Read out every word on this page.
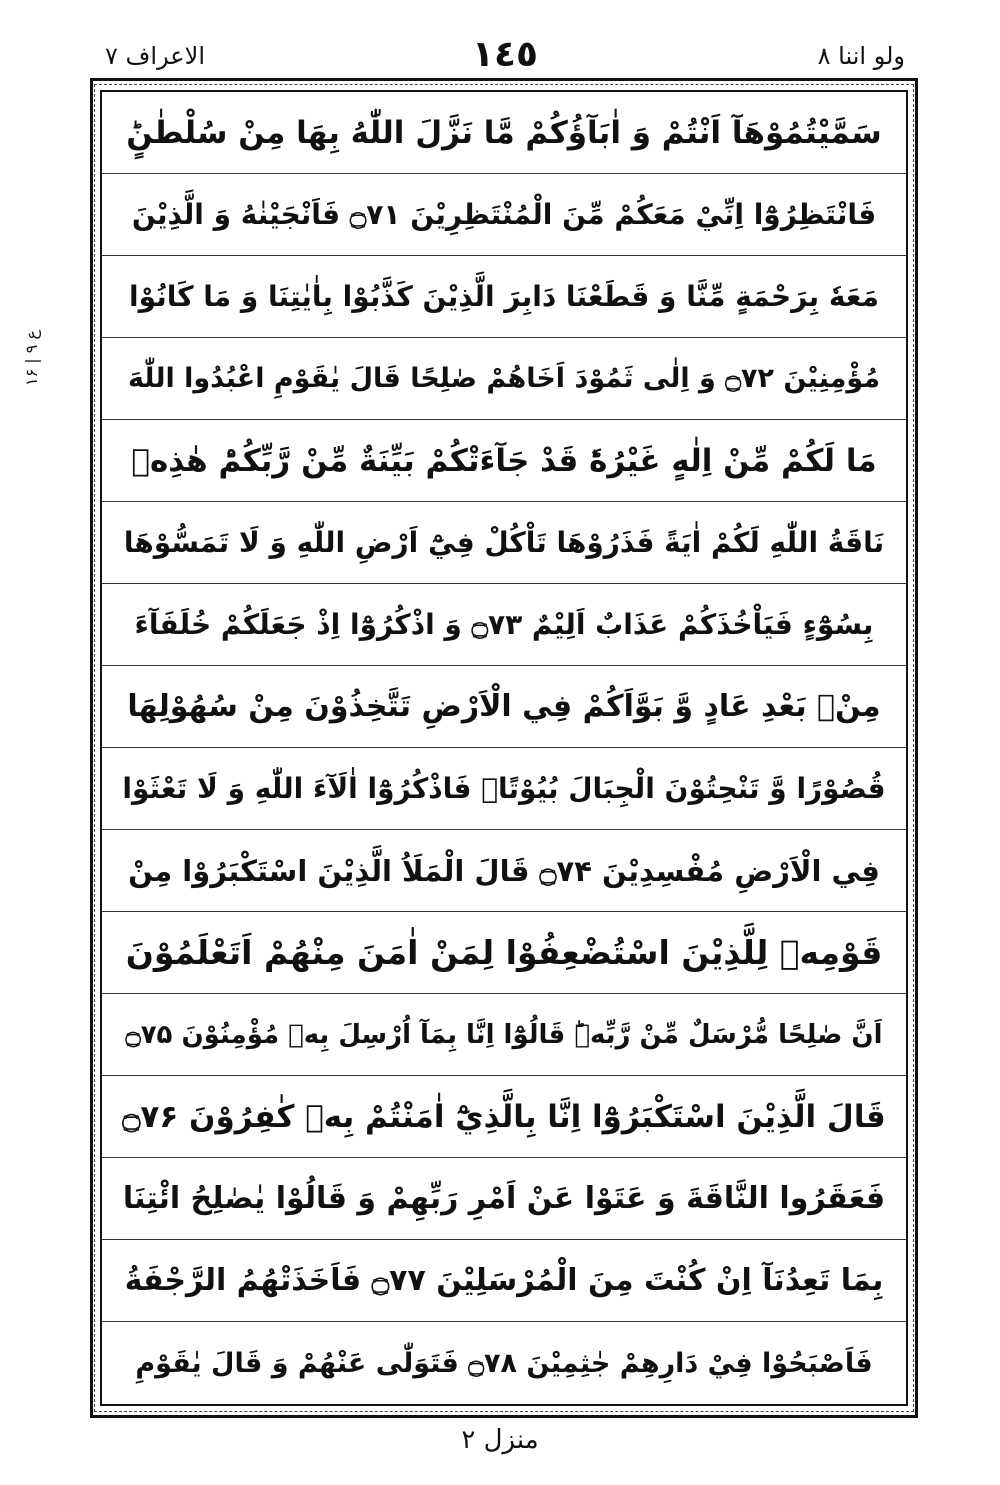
الاعراف ۷	١٤٥	ولو اننا ۸
ع ۹ | ۱۶
سَمَّيْتُمُوْهَآ اَنْتُمْ وَ اٰبَآؤُكُمْ مَّا نَزَّلَ اللّٰهُ بِهَا مِنْ سُلْطٰنٍؕ
فَانْتَظِرُوْٓا اِنِّيْ مَعَكُمْ مِّنَ الْمُنْتَظِرِيْنَ ۝۷۱ فَاَنْجَيْنٰهُ وَ الَّذِيْنَ
مَعَهٗ بِرَحْمَةٍ مِّنَّا وَ قَطَعْنَا دَابِرَ الَّذِيْنَ كَذَّبُوْا بِاٰيٰتِنَا وَ مَا كَانُوْا
مُؤْمِنِيْنَ ۝۷۲ وَ اِلٰى ثَمُوْدَ اَخَاهُمْ صٰلِحًا قَالَ يٰقَوْمِ اعْبُدُوا اللّٰهَ
مَا لَكُمْ مِّنْ اِلٰهٍ غَيْرُهٗؕ قَدْ جَآءَتْكُمْ بَيِّنَةٌ مِّنْ رَّبِّكُمْؕ هٰذِهٖ
نَاقَةُ اللّٰهِ لَكُمْ اٰيَةً فَذَرُوْهَا تَاْكُلْ فِيْٓ اَرْضِ اللّٰهِ وَ لَا تَمَسُّوْهَا
بِسُوْٓءٍ فَيَاْخُذَكُمْ عَذَابٌ اَلِيْمٌ ۝۷۳ وَ اذْكُرُوْٓا اِذْ جَعَلَكُمْ خُلَفَآءَ
مِنْۢ بَعْدِ عَادٍ وَّ بَوَّاَكُمْ فِي الْاَرْضِ تَتَّخِذُوْنَ مِنْ سُهُوْلِهَا
قُصُوْرًا وَّ تَنْحِتُوْنَ الْجِبَالَ بُيُوْتًاۚ فَاذْكُرُوْٓا اٰلَآءَ اللّٰهِ وَ لَا تَعْثَوْا
فِي الْاَرْضِ مُفْسِدِيْنَ ۝۷۴ قَالَ الْمَلَاُ الَّذِيْنَ اسْتَكْبَرُوْا مِنْ
قَوْمِهٖ لِلَّذِيْنَ اسْتُضْعِفُوْا لِمَنْ اٰمَنَ مِنْهُمْ اَتَعْلَمُوْنَ
اَنَّ صٰلِحًا مُّرْسَلٌ مِّنْ رَّبِّهٖؕ قَالُوْٓا اِنَّا بِمَآ اُرْسِلَ بِهٖ مُؤْمِنُوْنَ ۝۷۵
قَالَ الَّذِيْنَ اسْتَكْبَرُوْٓا اِنَّا بِالَّذِيْٓ اٰمَنْتُمْ بِهٖ كٰفِرُوْنَ ۝۷۶
فَعَقَرُوا النَّاقَةَ وَ عَتَوْا عَنْ اَمْرِ رَبِّهِمْ وَ قَالُوْا يٰصٰلِحُ ائْتِنَا
بِمَا تَعِدُنَآ اِنْ كُنْتَ مِنَ الْمُرْسَلِيْنَ ۝۷۷ فَاَخَذَتْهُمُ الرَّجْفَةُ
فَاَصْبَحُوْا فِيْ دَارِهِمْ جٰثِمِيْنَ ۝۷۸ فَتَوَلّٰى عَنْهُمْ وَ قَالَ يٰقَوْمِ
منزل ۲
